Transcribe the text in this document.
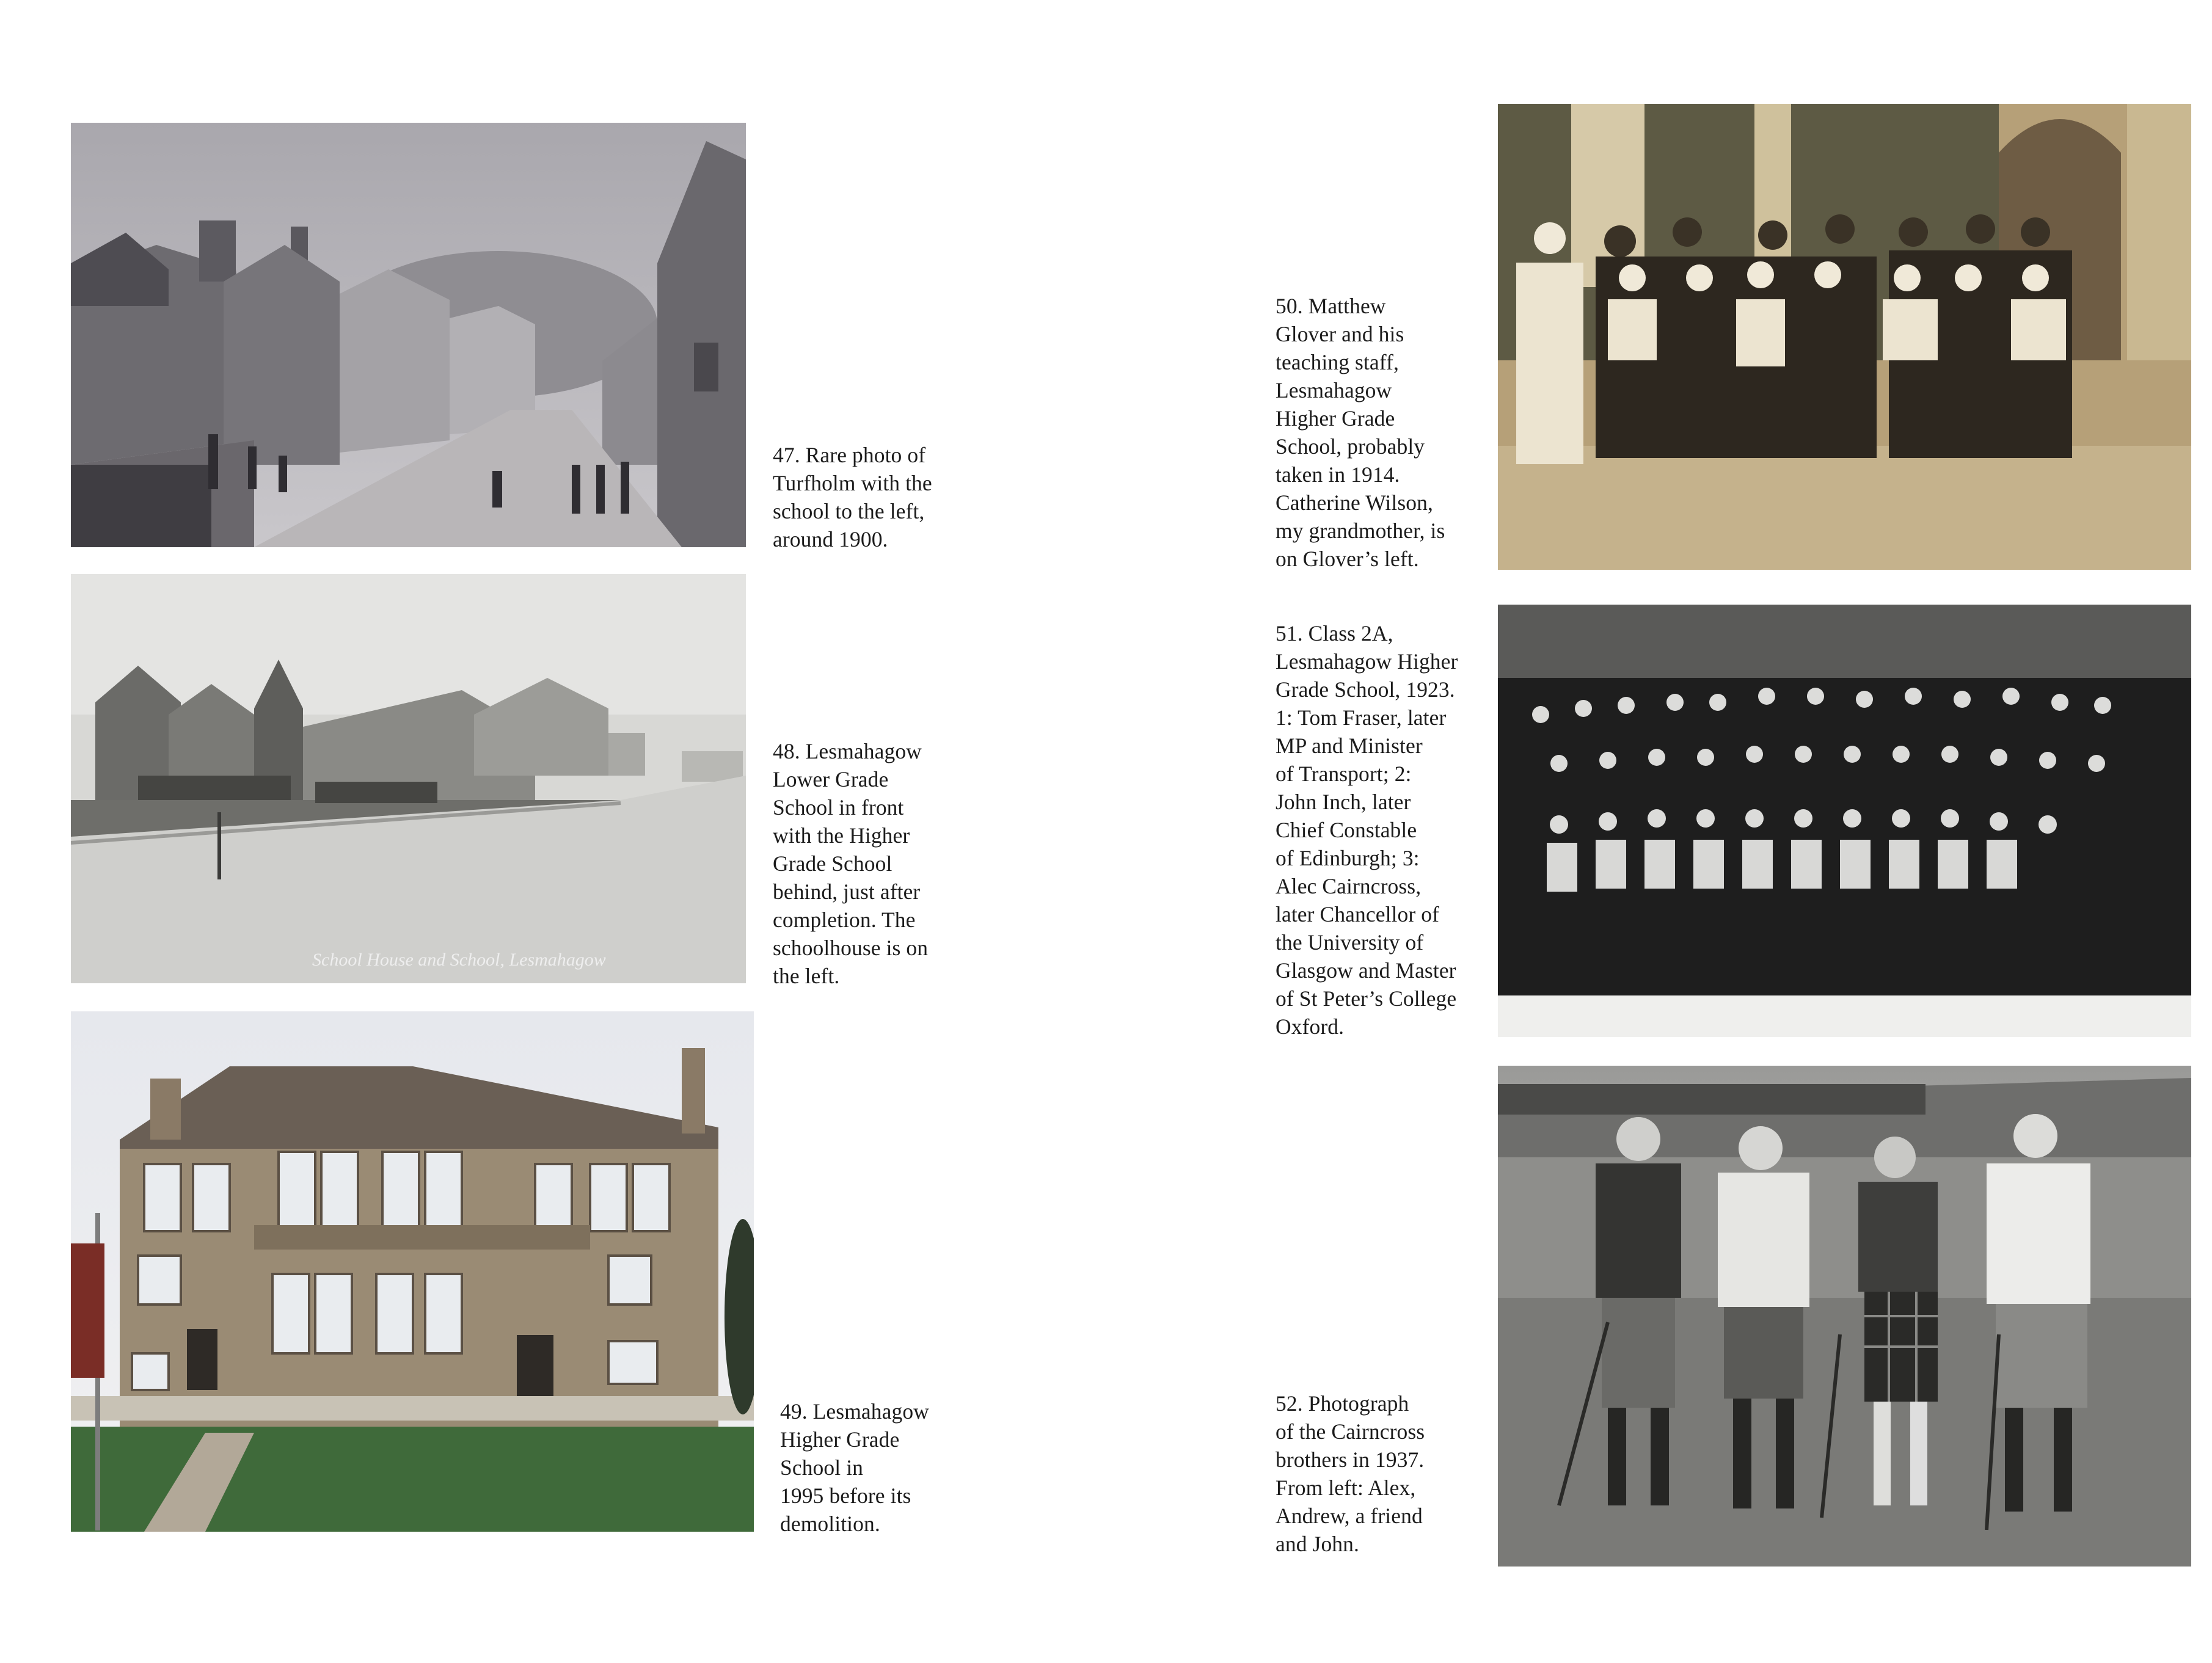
47. Rare photo of
Turfholm with the
school to the left,
around 1900.
School House and School, Lesmahagow
48. Lesmahagow
Lower Grade
School in front
with the Higher
Grade School
behind, just after
completion. The
schoolhouse is on
the left.
49. Lesmahagow
Higher Grade
School in
1995 before its
demolition.
50. Matthew
Glover and his
teaching staff,
Lesmahagow
Higher Grade
School, probably
taken in 1914.
Catherine Wilson,
my grandmother, is
on Glover’s left.
51. Class 2A,
Lesmahagow Higher
Grade School, 1923.
1: Tom Fraser, later
MP and Minister
of Transport; 2:
John Inch, later
Chief Constable
of Edinburgh; 3:
Alec Cairncross,
later Chancellor of
the University of
Glasgow and Master
of St Peter’s College
Oxford.
52. Photograph
of the Cairncross
brothers in 1937.
From left: Alex,
Andrew, a friend
and John.
